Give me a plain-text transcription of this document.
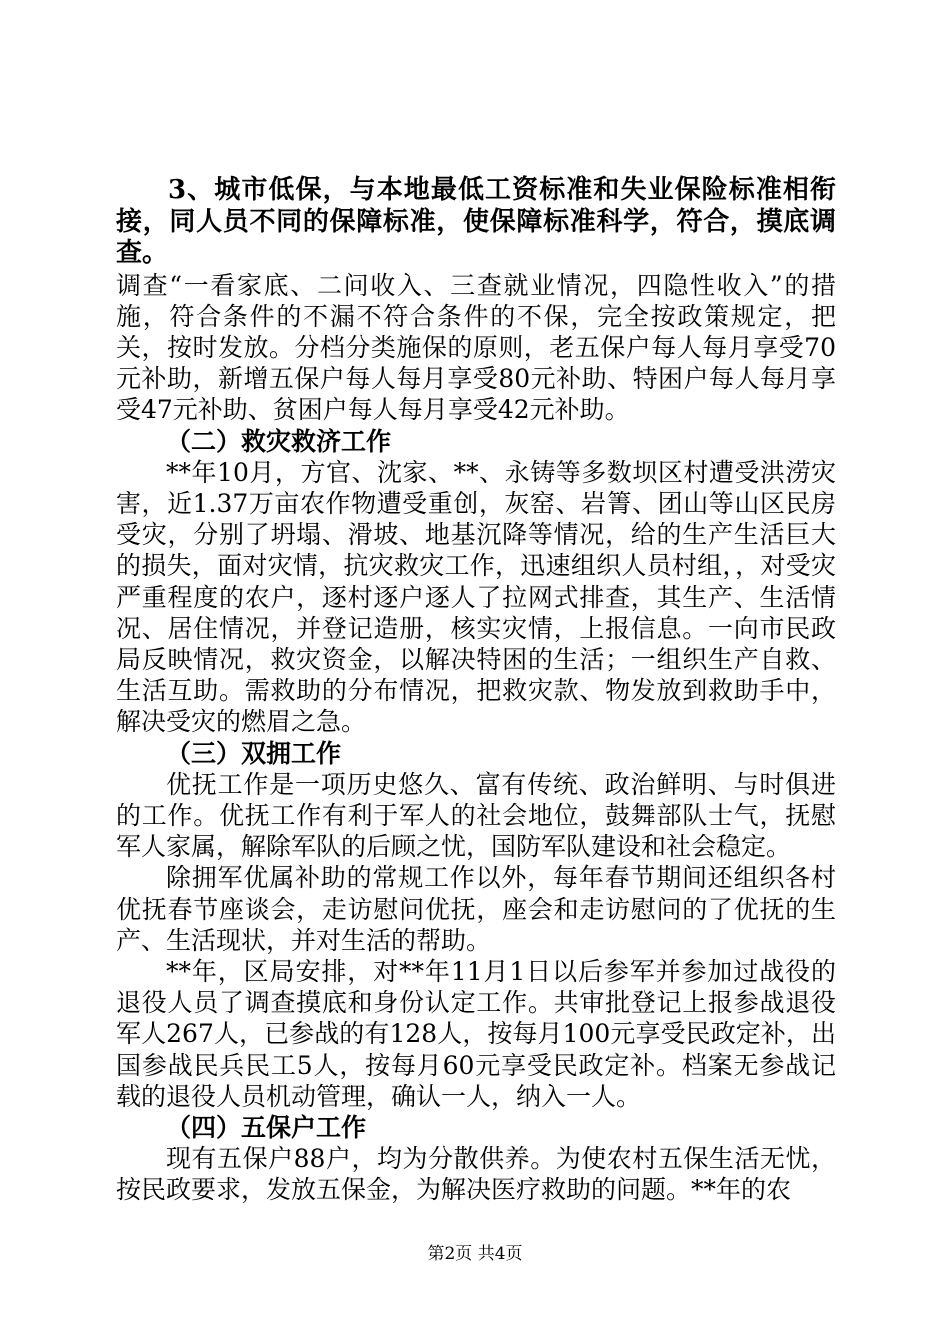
3、城市低保，与本地最低工资标准和失业保险标准相衔接，同人员不同的保障标准，使保障标准科学，符合，摸底调查。

调查“一看家底、二问收入、三查就业情况，四隐性收入”的措施，符合条件的不漏不符合条件的不保，完全按政策规定，把关，按时发放。分档分类施保的原则，老五保户每人每月享受70元补助，新增五保户每人每月享受80元补助、特困户每人每月享受47元补助、贫困户每人每月享受42元补助。

（二）救灾救济工作

**年10月，方官、沈家、**、永铸等多数坝区村遭受洪涝灾害，近1.37万亩农作物遭受重创，灰窑、岩箐、团山等山区民房受灾，分别了坍塌、滑坡、地基沉降等情况，给的生产生活巨大的损失，面对灾情，抗灾救灾工作，迅速组织人员村组，，对受灾严重程度的农户，逐村逐户逐人了拉网式排查，其生产、生活情况、居住情况，并登记造册，核实灾情，上报信息。一向市民政局反映情况，救灾资金，以解决特困的生活；一组织生产自救、生活互助。需救助的分布情况，把救灾款、物发放到救助手中，解决受灾的燃眉之急。

（三）双拥工作

优抚工作是一项历史悠久、富有传统、政治鲜明、与时俱进的工作。优抚工作有利于军人的社会地位，鼓舞部队士气，抚慰军人家属，解除军队的后顾之忧，国防军队建设和社会稳定。

除拥军优属补助的常规工作以外，每年春节期间还组织各村优抚春节座谈会，走访慰问优抚，座会和走访慰问的了优抚的生产、生活现状，并对生活的帮助。

**年，区局安排，对**年11月1日以后参军并参加过战役的退役人员了调查摸底和身份认定工作。共审批登记上报参战退役军人267人，已参战的有128人，按每月100元享受民政定补，出国参战民兵民工5人，按每月60元享受民政定补。档案无参战记载的退役人员机动管理，确认一人，纳入一人。

（四）五保户工作

现有五保户88户，均为分散供养。为使农村五保生活无忧，按民政要求，发放五保金，为解决医疗救助的问题。**年的农

第2页 共4页
